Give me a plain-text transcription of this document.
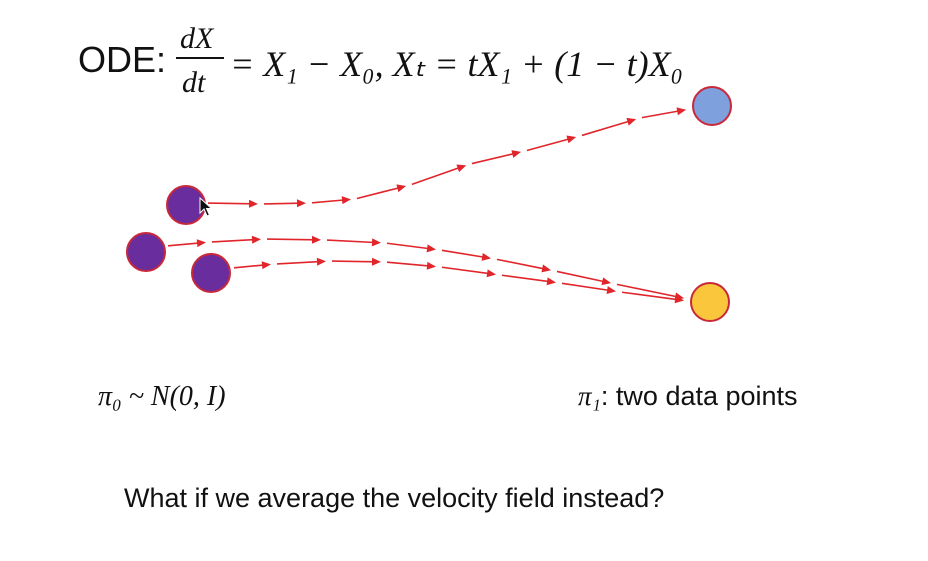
ODE:
dX
dt = X₁ − X₀, Xₜ = tX₁ + (1 − t)X₀
π₀ ~ N(0, I)	π₁: two data points
What if we average the velocity field instead?
